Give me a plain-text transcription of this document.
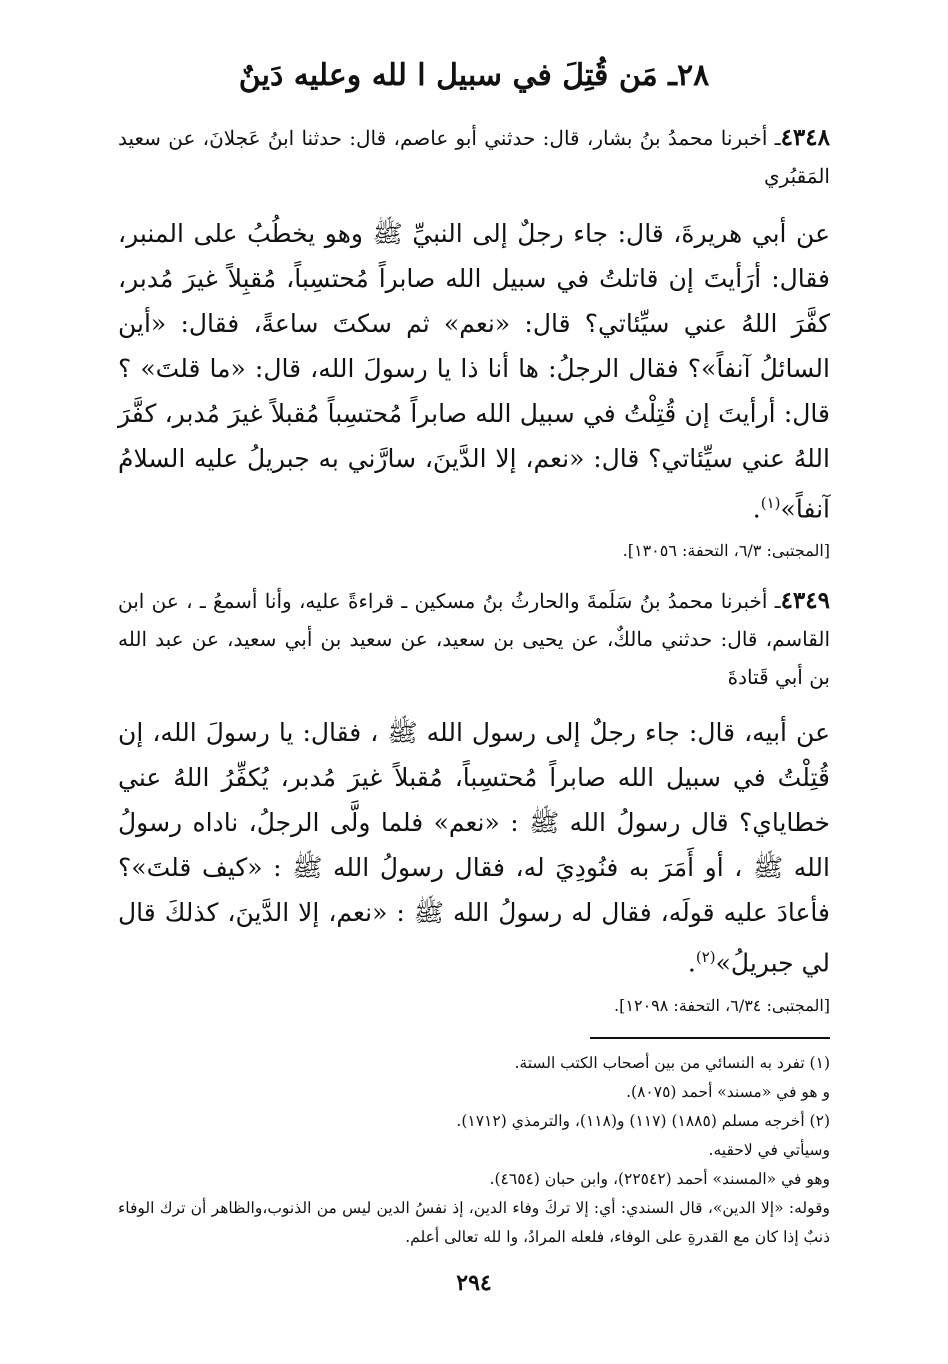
٢٨ـ مَن قُتِلَ في سبيل ا لله وعليه دَينٌ

٤٣٤٨ـ أخبرنا محمدُ بنُ بشار، قال: حدثني أبو عاصم، قال: حدثنا ابنُ عَجلانَ، عن سعيد المَقبُري

عن أبي هريرةَ، قال: جاء رجلٌ إلى النبيِّ ﷺ وهو يخطُبُ على المنبر، فقال: أرَأيتَ إن قاتلتُ في سبيل الله صابراً مُحتسِباً، مُقبِلاً غيرَ مُدبر، كفَّرَ اللهُ عني سيِّئاتي؟ قال: «نعم» ثم سكتَ ساعةً، فقال: «أين السائلُ آنفاً»؟ فقال الرجلُ: ها أنا ذا يا رسولَ الله، قال: «ما قلتَ» ؟ قال: أرأيتَ إن قُتِلْتُ في سبيل الله صابراً مُحتسِباً مُقبلاً غيرَ مُدبر، كفَّرَ اللهُ عني سيِّئاتي؟ قال: «نعم، إلا الدَّينَ، سارَّني به جبريلُ عليه السلامُ آنفاً»$^{(١)}$.

[المجتبى: ٦/٣، التحفة: ١٣٠٥٦].

٤٣٤٩ـ أخبرنا محمدُ بنُ سَلَمةَ والحارثُ بنُ مسكين ـ قراءةً عليه، وأنا أسمعُ ـ ، عن ابن القاسم، قال: حدثني مالكٌ، عن يحيى بن سعيد، عن سعيد بن أبي سعيد، عن عبد الله بن أبي قَتادةَ

عن أبيه، قال: جاء رجلٌ إلى رسول الله ﷺ ، فقال: يا رسولَ الله، إن قُتِلْتُ في سبيل الله صابراً مُحتسِباً، مُقبلاً غيرَ مُدبر، يُكفِّرُ اللهُ عني خطاياي؟ قال رسولُ الله ﷺ : «نعم» فلما ولَّى الرجلُ، ناداه رسولُ الله ﷺ ، أو أَمَرَ به فنُودِيَ له، فقال رسولُ الله ﷺ : «كيف قلتَ»؟ فأعادَ عليه قولَه، فقال له رسولُ الله ﷺ : «نعم، إلا الدَّينَ، كذلكَ قال لي جبريلُ»$^{(٢)}$.

[المجتبى: ٦/٣٤، التحفة: ١٢٠٩٨].

(١) تفرد به النسائي من بين أصحاب الكتب الستة.

و هو في «مسند» أحمد (٨٠٧٥).

(٢) أخرجه مسلم (١٨٨٥) (١١٧) و(١١٨)، والترمذي (١٧١٢).

وسيأتي في لاحقيه.

وهو في «المسند» أحمد (٢٢٥٤٢)، وابن حبان (٤٦٥٤).

وقوله: «إلا الدين»، قال السندي: أي: إلا تركَ وفاء الدين، إذ نفسُ الدين ليس من الذنوب،والظاهر أن ترك الوفاء ذنبٌ إذا كان مع القدرةِ على الوفاء، فلعله المرادُ، وا لله تعالى أعلم.

٢٩٤
